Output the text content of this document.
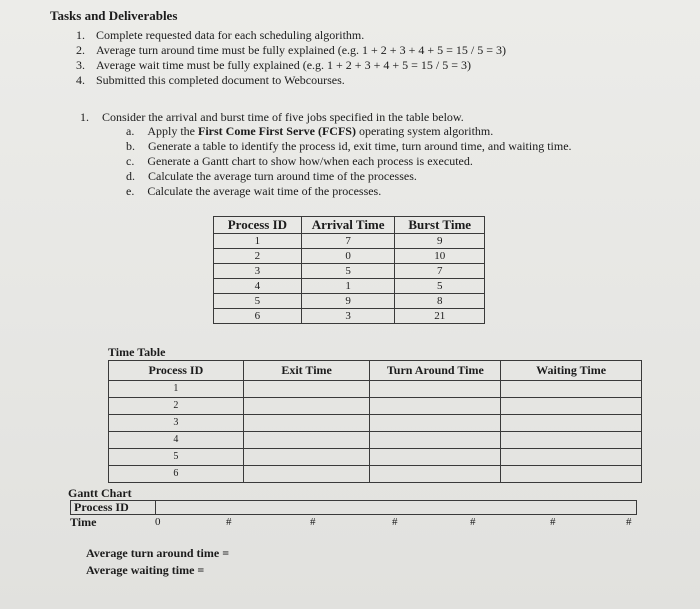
Tasks and Deliverables
1. Complete requested data for each scheduling algorithm.
2. Average turn around time must be fully explained (e.g. 1 + 2 + 3 + 4 + 5 = 15 / 5 = 3)
3. Average wait time must be fully explained (e.g. 1 + 2 + 3 + 4 + 5 = 15 / 5 = 3)
4. Submitted this completed document to Webcourses.
1. Consider the arrival and burst time of five jobs specified in the table below.
a. Apply the First Come First Serve (FCFS) operating system algorithm.
b. Generate a table to identify the process id, exit time, turn around time, and waiting time.
c. Generate a Gantt chart to show how/when each process is executed.
d. Calculate the average turn around time of the processes.
e. Calculate the average wait time of the processes.
Process ID	Arrival Time	Burst Time
1	7	9
2	0	10
3	5	7
4	1	5
5	9	8
6	3	21
Time Table
Process ID	Exit Time	Turn Around Time	Waiting Time
1			
2			
3			
4			
5			
6			
Gantt Chart
Process ID
Time	0	#	#	#	#	#	#
Average turn around time =
Average waiting time =
